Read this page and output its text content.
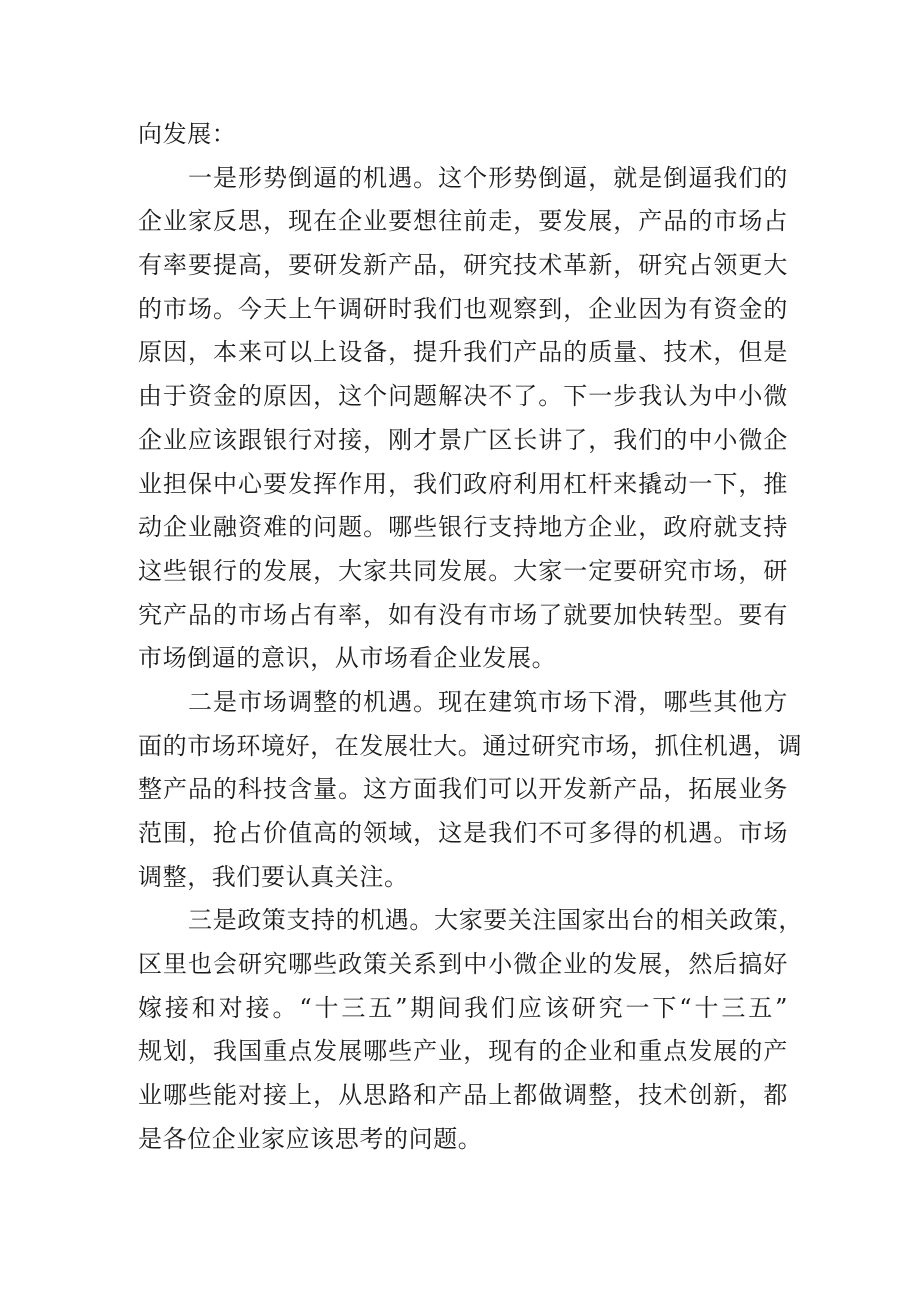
向发展：
一是形势倒逼的机遇。这个形势倒逼，就是倒逼我们的
企业家反思，现在企业要想往前走，要发展，产品的市场占
有率要提高，要研发新产品，研究技术革新，研究占领更大
的市场。今天上午调研时我们也观察到，企业因为有资金的
原因，本来可以上设备，提升我们产品的质量、技术，但是
由于资金的原因，这个问题解决不了。下一步我认为中小微
企业应该跟银行对接，刚才景广区长讲了，我们的中小微企
业担保中心要发挥作用，我们政府利用杠杆来撬动一下，推
动企业融资难的问题。哪些银行支持地方企业，政府就支持
这些银行的发展，大家共同发展。大家一定要研究市场，研
究产品的市场占有率，如有没有市场了就要加快转型。要有
市场倒逼的意识，从市场看企业发展。
二是市场调整的机遇。现在建筑市场下滑，哪些其他方
面的市场环境好，在发展壮大。通过研究市场，抓住机遇，调
整产品的科技含量。这方面我们可以开发新产品，拓展业务
范围，抢占价值高的领域，这是我们不可多得的机遇。市场
调整，我们要认真关注。
三是政策支持的机遇。大家要关注国家出台的相关政策，
区里也会研究哪些政策关系到中小微企业的发展，然后搞好
嫁接和对接。“十三五”期间我们应该研究一下“十三五”
规划，我国重点发展哪些产业，现有的企业和重点发展的产
业哪些能对接上，从思路和产品上都做调整，技术创新，都
是各位企业家应该思考的问题。
